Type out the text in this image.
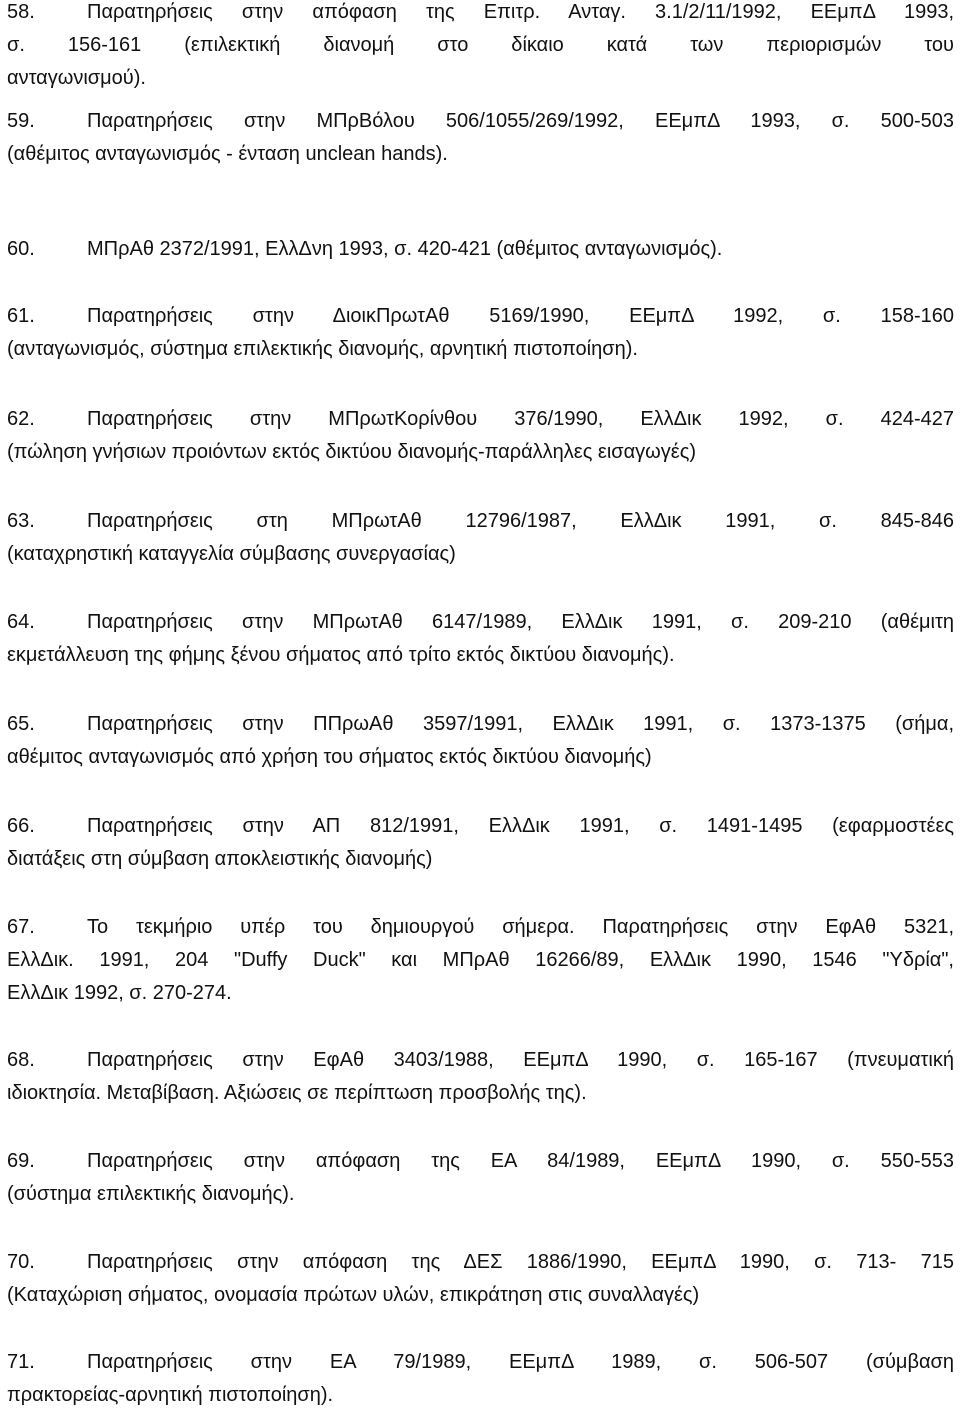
58.	Παρατηρήσεις στην απόφαση της Επιτρ. Ανταγ. 3.1/2/11/1992, ΕΕμπΔ 1993,
σ. 156-161 (επιλεκτική διανομή στο δίκαιο κατά των περιορισμών του
ανταγωνισμού).
59.	Παρατηρήσεις στην ΜΠρΒόλου 506/1055/269/1992, ΕΕμπΔ 1993, σ. 500-503
(αθέμιτος ανταγωνισμός - ένταση unclean hands).
60.	ΜΠρΑθ 2372/1991, ΕλλΔνη 1993, σ. 420-421 (αθέμιτος ανταγωνισμός).
61.	Παρατηρήσεις στην ΔιοικΠρωτΑθ 5169/1990, ΕΕμπΔ 1992, σ. 158-160
(ανταγωνισμός, σύστημα επιλεκτικής διανομής, αρνητική πιστοποίηση).
62.	Παρατηρήσεις στην ΜΠρωτΚορίνθου 376/1990, ΕλλΔικ 1992, σ. 424-427
(πώληση γνήσιων προιόντων εκτός δικτύου διανομής-παράλληλες εισαγωγές)
63.	Παρατηρήσεις στη ΜΠρωτΑθ 12796/1987, ΕλλΔικ 1991, σ. 845-846
(καταχρηστική καταγγελία σύμβασης συνεργασίας)
64.	Παρατηρήσεις στην ΜΠρωτΑθ 6147/1989, ΕλλΔικ 1991, σ. 209-210 (αθέμιτη
εκμετάλλευση της φήμης ξένου σήματος από τρίτο εκτός δικτύου διανομής).
65.	Παρατηρήσεις στην ΠΠρωΑθ 3597/1991, ΕλλΔικ 1991, σ. 1373-1375 (σήμα,
αθέμιτος ανταγωνισμός από χρήση του σήματος εκτός δικτύου διανομής)
66.	Παρατηρήσεις στην ΑΠ 812/1991, ΕλλΔικ 1991, σ. 1491-1495 (εφαρμοστέες
διατάξεις στη σύμβαση αποκλειστικής διανομής)
67.	Το τεκμήριο υπέρ του δημιουργού σήμερα. Παρατηρήσεις στην ΕφΑθ 5321,
ΕλλΔικ. 1991, 204 "Duffy Duck" και ΜΠρΑθ 16266/89, ΕλλΔικ 1990, 1546 "Υδρία",
ΕλλΔικ 1992, σ. 270-274.
68.	Παρατηρήσεις στην ΕφΑθ 3403/1988, ΕΕμπΔ 1990, σ. 165-167 (πνευματική
ιδιοκτησία. Μεταβίβαση. Αξιώσεις σε περίπτωση προσβολής της).
69.	Παρατηρήσεις στην απόφαση της ΕΑ 84/1989, ΕΕμπΔ 1990, σ. 550-553
(σύστημα επιλεκτικής διανομής).
70.	Παρατηρήσεις στην απόφαση της ΔΕΣ 1886/1990, ΕΕμπΔ 1990, σ. 713- 715
(Καταχώριση σήματος, ονομασία πρώτων υλών, επικράτηση στις συναλλαγές)
71.	Παρατηρήσεις στην ΕΑ 79/1989, ΕΕμπΔ 1989, σ. 506-507 (σύμβαση
πρακτορείας-αρνητική πιστοποίηση).
